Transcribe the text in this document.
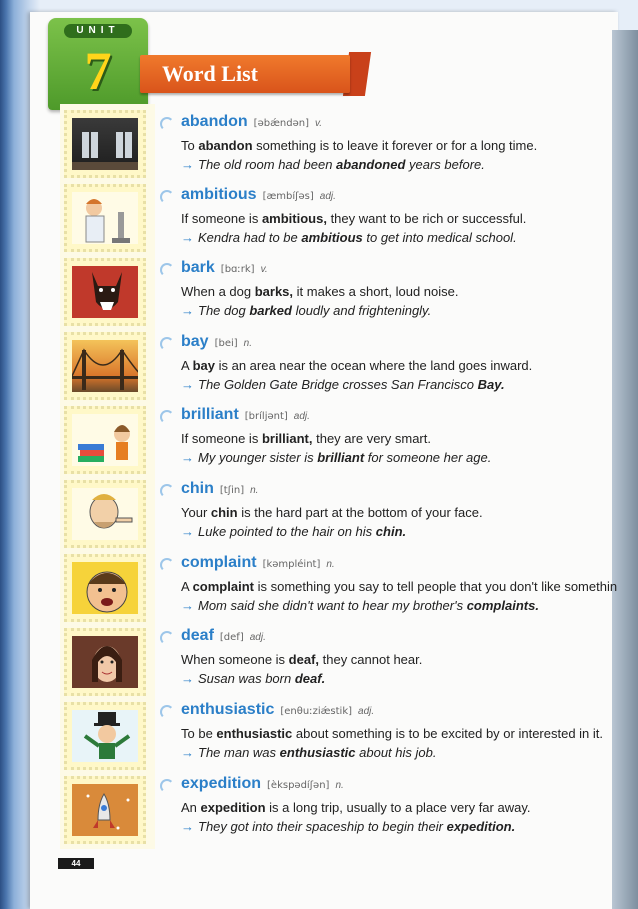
UNIT
7	Word List
abandon [əbǽndən] v.
To abandon something is to leave it forever or for a long time.
→ The old room had been abandoned years before.
ambitious [æmbíʃəs] adj.
If someone is ambitious, they want to be rich or successful.
→ Kendra had to be ambitious to get into medical school.
bark [bɑːrk] v.
When a dog barks, it makes a short, loud noise.
→ The dog barked loudly and frighteningly.
bay [bei] n.
A bay is an area near the ocean where the land goes inward.
→ The Golden Gate Bridge crosses San Francisco Bay.
brilliant [bríljənt] adj.
If someone is brilliant, they are very smart.
→ My younger sister is brilliant for someone her age.
chin [tʃin] n.
Your chin is the hard part at the bottom of your face.
→ Luke pointed to the hair on his chin.
complaint [kəmpléint] n.
A complaint is something you say to tell people that you don't like somethin
→ Mom said she didn't want to hear my brother's complaints.
deaf [def] adj.
When someone is deaf, they cannot hear.
→ Susan was born deaf.
enthusiastic [enθuːziǽstik] adj.
To be enthusiastic about something is to be excited by or interested in it.
→ The man was enthusiastic about his job.
expedition [èkspədíʃən] n.
An expedition is a long trip, usually to a place very far away.
→ They got into their spaceship to begin their expedition.
44
